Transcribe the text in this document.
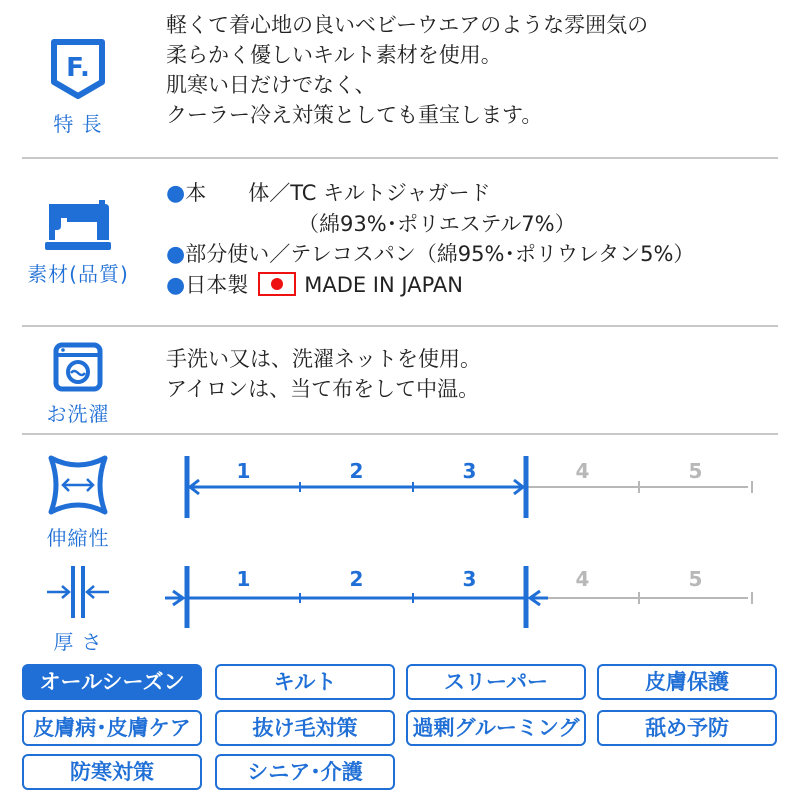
F.
特 長
軽くて着心地の良いベビーウエアのような雰囲気の
柔らかく優しいキルト素材を使用。
肌寒い日だけでなく、
クーラー冷え対策としても重宝します。
素材(品質)
●本　　体／TC キルトジャガード
（綿93%･ポリエステル7%）
●部分使い／テレコスパン（綿95%･ポリウレタン5%）
●日本製	MADE IN JAPAN
お洗濯
手洗い又は、洗濯ネットを使用。
アイロンは、当て布をして中温。
伸縮性
1	2	3	4	5
厚 さ
1	2	3	4	5
オールシーズン	キルト	スリーパー	皮膚保護
皮膚病･皮膚ケア	抜け毛対策	過剰グルーミング	舐め予防
防寒対策	シニア･介護
